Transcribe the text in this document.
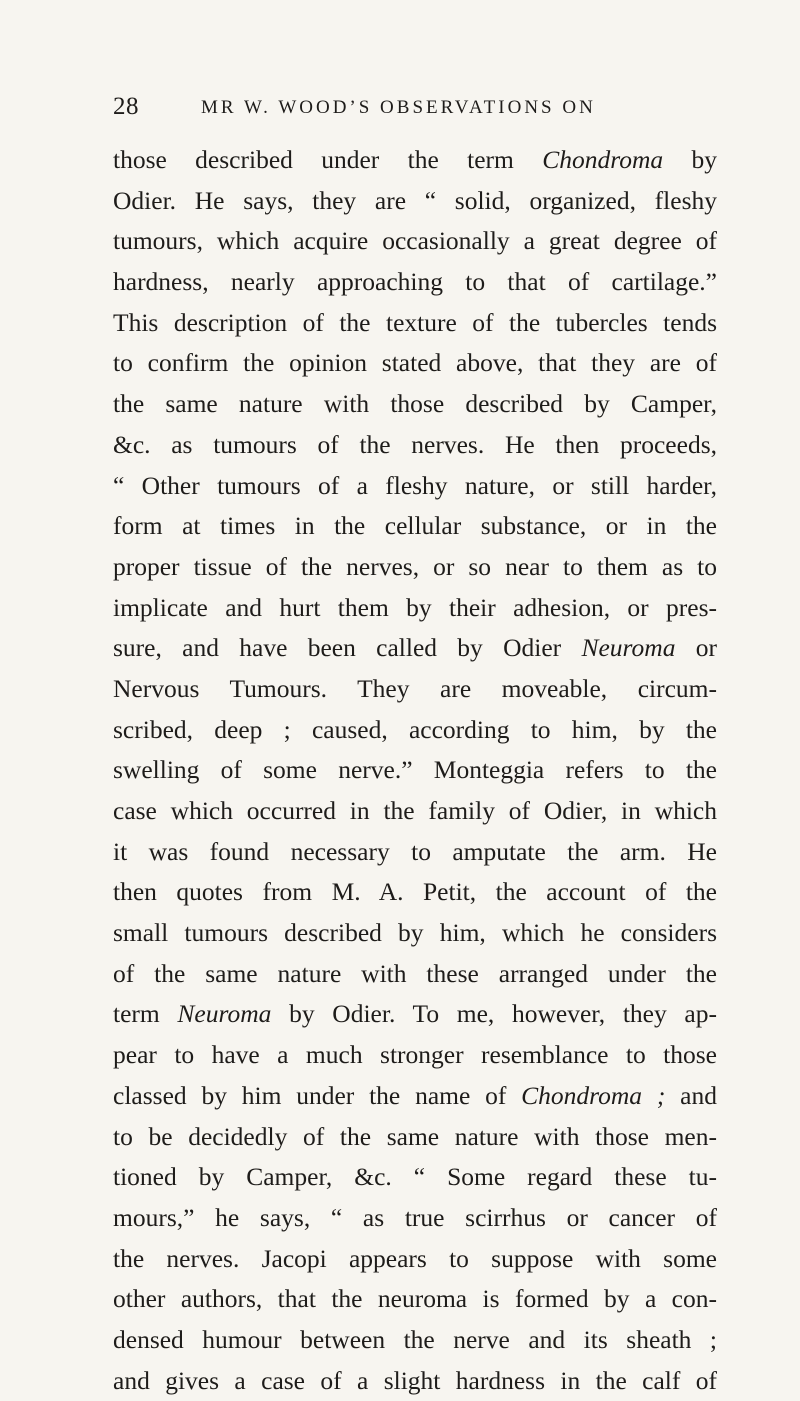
28	MR W. WOOD’S OBSERVATIONS ON
those described under the term Chondroma by
Odier. He says, they are “ solid, organized, fleshy
tumours, which acquire occasionally a great degree of
hardness, nearly approaching to that of cartilage.”
This description of the texture of the tubercles tends
to confirm the opinion stated above, that they are of
the same nature with those described by Camper,
&c. as tumours of the nerves. He then proceeds,
“ Other tumours of a fleshy nature, or still harder,
form at times in the cellular substance, or in the
proper tissue of the nerves, or so near to them as to
implicate and hurt them by their adhesion, or pres-
sure, and have been called by Odier Neuroma or
Nervous Tumours. They are moveable, circum-
scribed, deep ; caused, according to him, by the
swelling of some nerve.” Monteggia refers to the
case which occurred in the family of Odier, in which
it was found necessary to amputate the arm. He
then quotes from M. A. Petit, the account of the
small tumours described by him, which he considers
of the same nature with these arranged under the
term Neuroma by Odier. To me, however, they ap-
pear to have a much stronger resemblance to those
classed by him under the name of Chondroma ; and
to be decidedly of the same nature with those men-
tioned by Camper, &c. “ Some regard these tu-
mours,” he says, “ as true scirrhus or cancer of
the nerves. Jacopi appears to suppose with some
other authors, that the neuroma is formed by a con-
densed humour between the nerve and its sheath ;
and gives a case of a slight hardness in the calf of
